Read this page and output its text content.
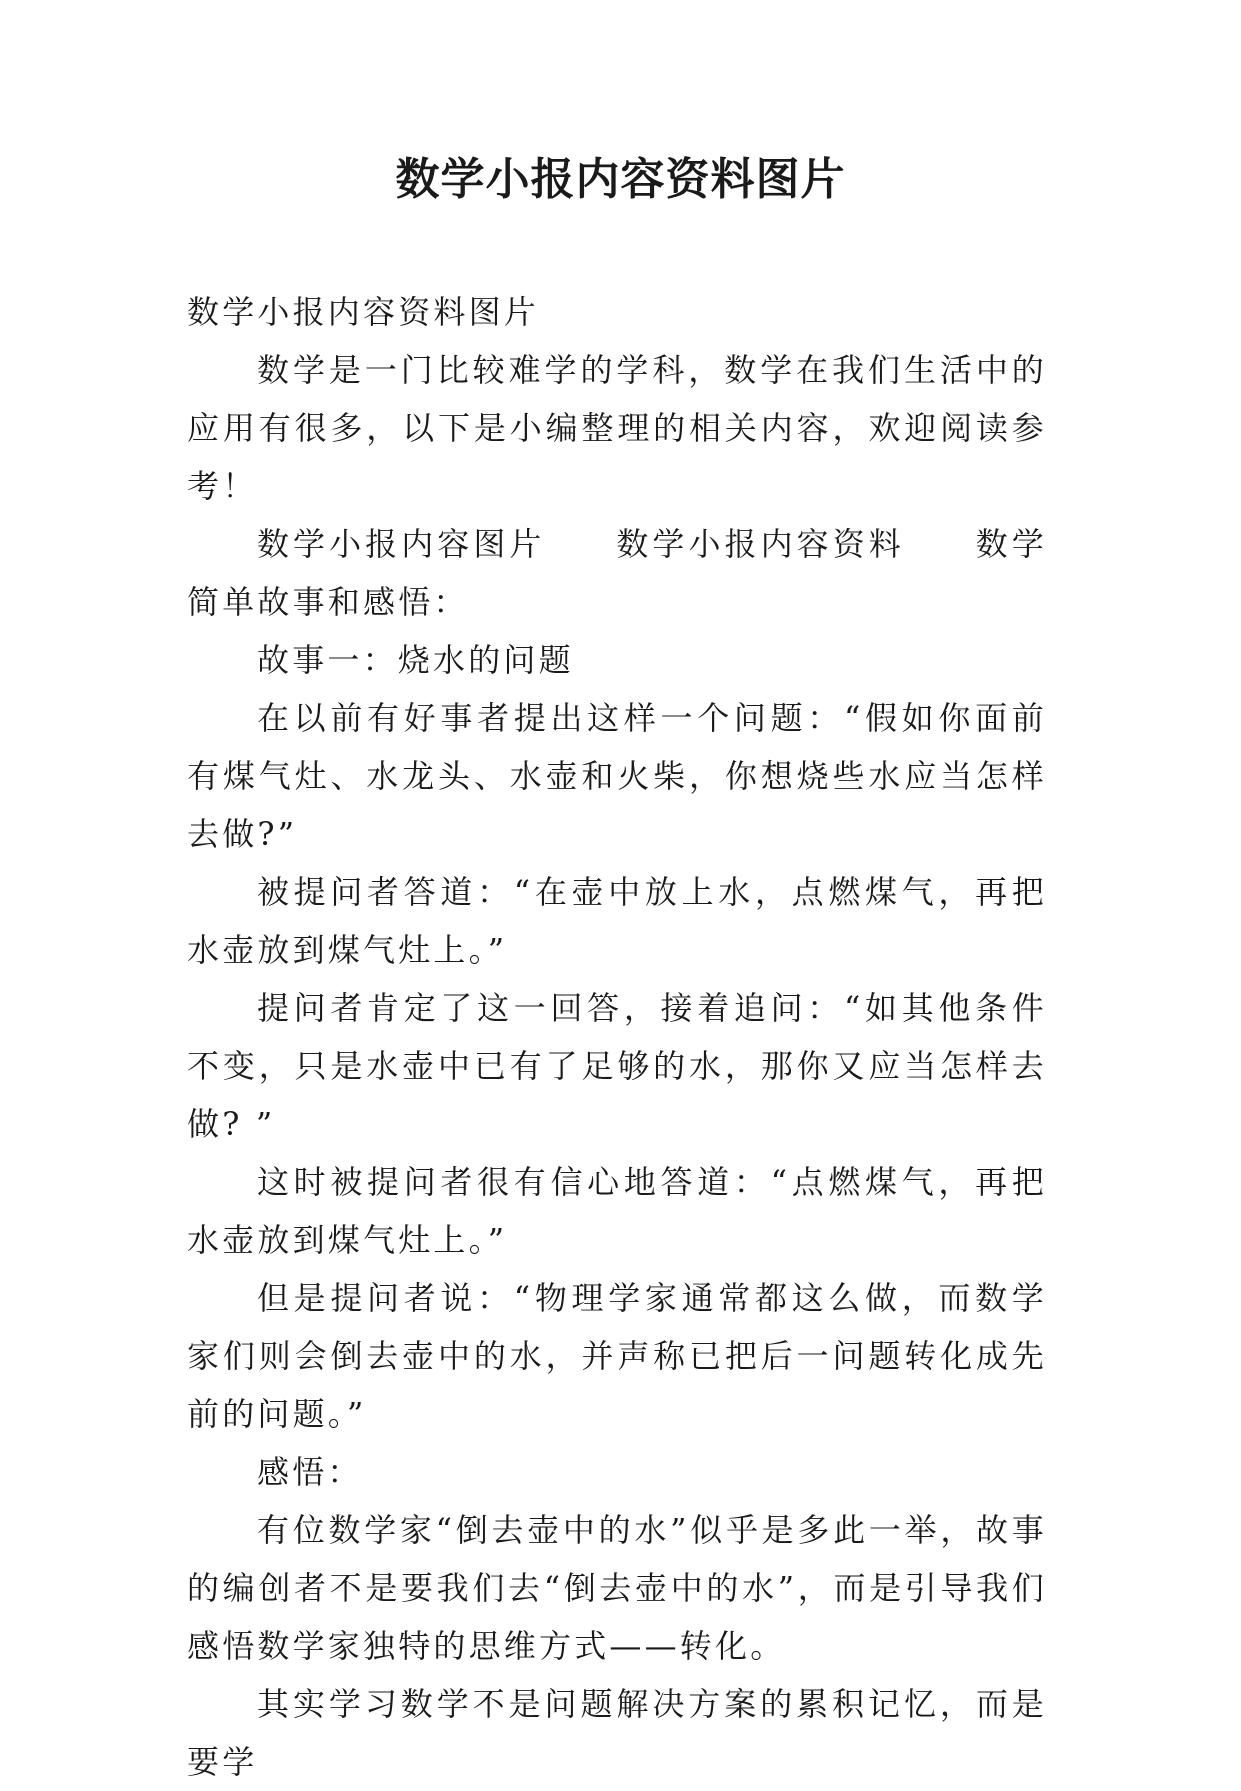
数学小报内容资料图片

数学小报内容资料图片

数学是一门比较难学的学科，数学在我们生活中的应用有很多，以下是小编整理的相关内容，欢迎阅读参考！

数学小报内容图片 数学小报内容资料 数学简单故事和感悟：

故事一：烧水的问题

在以前有好事者提出这样一个问题：“假如你面前有煤气灶、水龙头、水壶和火柴，你想烧些水应当怎样去做?”

被提问者答道：“在壶中放上水，点燃煤气，再把水壶放到煤气灶上。”

提问者肯定了这一回答，接着追问：“如其他条件不变，只是水壶中已有了足够的水，那你又应当怎样去做? ”

这时被提问者很有信心地答道：“点燃煤气，再把水壶放到煤气灶上。”

但是提问者说：“物理学家通常都这么做，而数学家们则会倒去壶中的水，并声称已把后一问题转化成先前的问题。”

感悟：

有位数学家“倒去壶中的水”似乎是多此一举，故事的编创者不是要我们去“倒去壶中的水”，而是引导我们感悟数学家独特的思维方式——转化。

其实学习数学不是问题解决方案的累积记忆，而是要学
